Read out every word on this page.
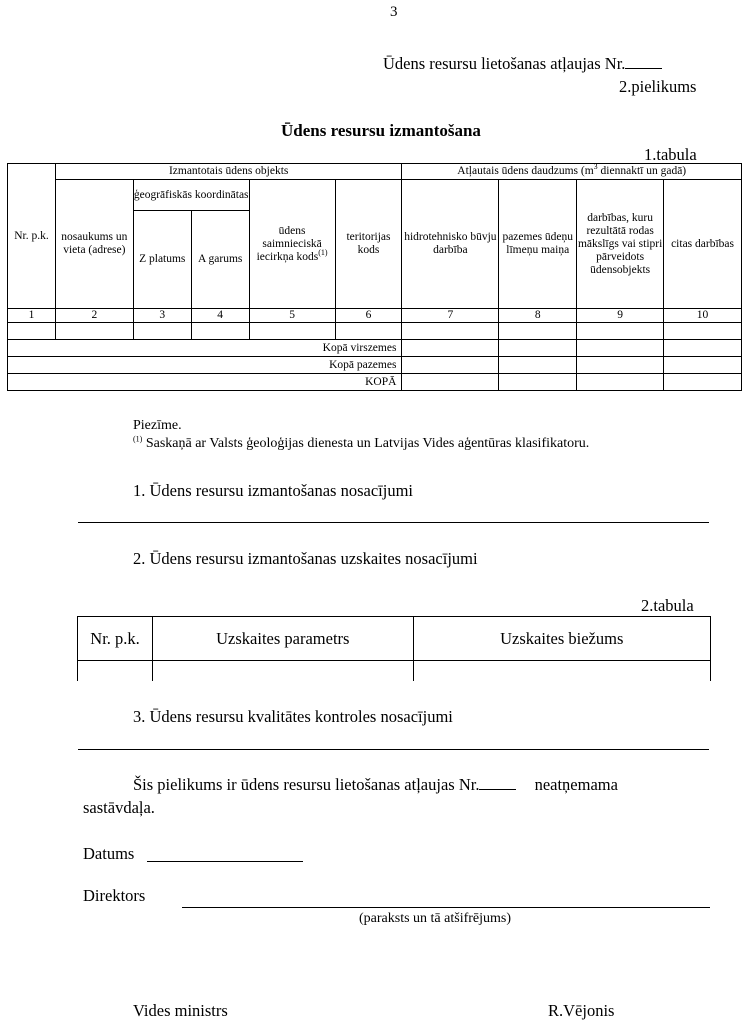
3
Ūdens resursu lietošanas atļaujas Nr.
2.pielikums
Ūdens resursu izmantošana
1.tabula
Nr. p.k.	Izmantotais ūdens objekts					Atļautais ūdens daudzums ($m^3$ diennaktī un gadā)			
	nosaukums un vieta (adrese)	ģeogrāfiskās koordinātas		ūdens saimnieciskā iecirkņa kods$^{(1)}$	teritorijas kods	hidrotehnisko būvju darbība	pazemes ūdeņu līmeņu maiņa	darbības, kuru rezultātā rodas mākslīgs vai stipri pārveidots ūdensobjekts	citas darbības
		Z platums	A garums						
1	2	3	4	5	6	7	8	9	10

Kopā virszemes									
Kopā pazemes									
KOPĀ									
Piezīme.
$^{(1)}$ Saskaņā ar Valsts ģeoloģijas dienesta un Latvijas Vides aģentūras klasifikatoru.
1. Ūdens resursu izmantošanas nosacījumi
2. Ūdens resursu izmantošanas uzskaites nosacījumi
2.tabula
Nr. p.k.	Uzskaites parametrs	Uzskaites biežums

3. Ūdens resursu kvalitātes kontroles nosacījumi
Šis pielikums ir ūdens resursu lietošanas atļaujas Nr.	neatņemama
sastāvdaļa.
Datums
Direktors
(paraksts un tā atšifrējums)
Vides ministrs	R.Vējonis
